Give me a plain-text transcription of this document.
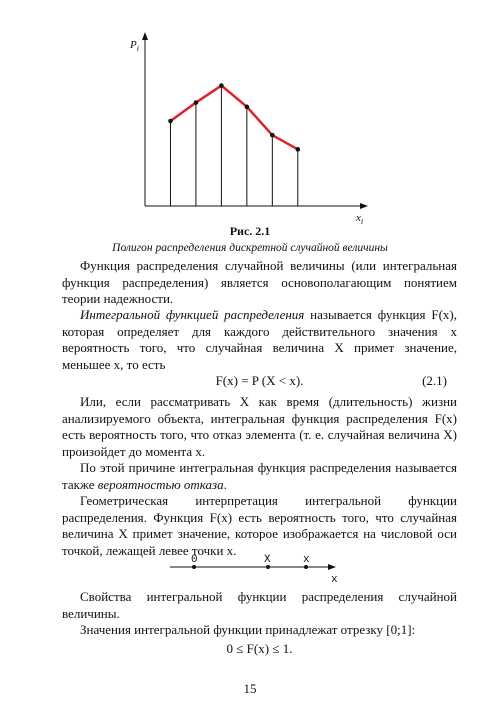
$P_i$
$x_i$
Рис. 2.1
Полигон распределения дискретной случайной величины

Функция распределения случайной величины (или интегральная функция распределения) является основополагающим понятием теории надежности.

Интегральной функцией распределения называется функция F(x), которая определяет для каждого действительного значения x вероятность того, что случайная величина X примет значение, меньшее x, то есть

F(x) = P (X < x).	(2.1)

Или, если рассматривать X как время (длительность) жизни анализируемого объекта, интегральная функция распределения F(x) есть вероятность того, что отказ элемента (т. е. случайная величина X) произойдет до момента x.

По этой причине интегральная функция распределения называется также вероятностью отказа.

Геометрическая интерпретация интегральной функции распределения. Функция F(x) есть вероятность того, что случайная величина X примет значение, которое изображается на числовой оси точкой, лежащей левее точки x.

0	X	x
x

Свойства интегральной функции распределения случайной величины.

Значения интегральной функции принадлежат отрезку [0;1]:

0 ≤ F(x) ≤ 1.
15
